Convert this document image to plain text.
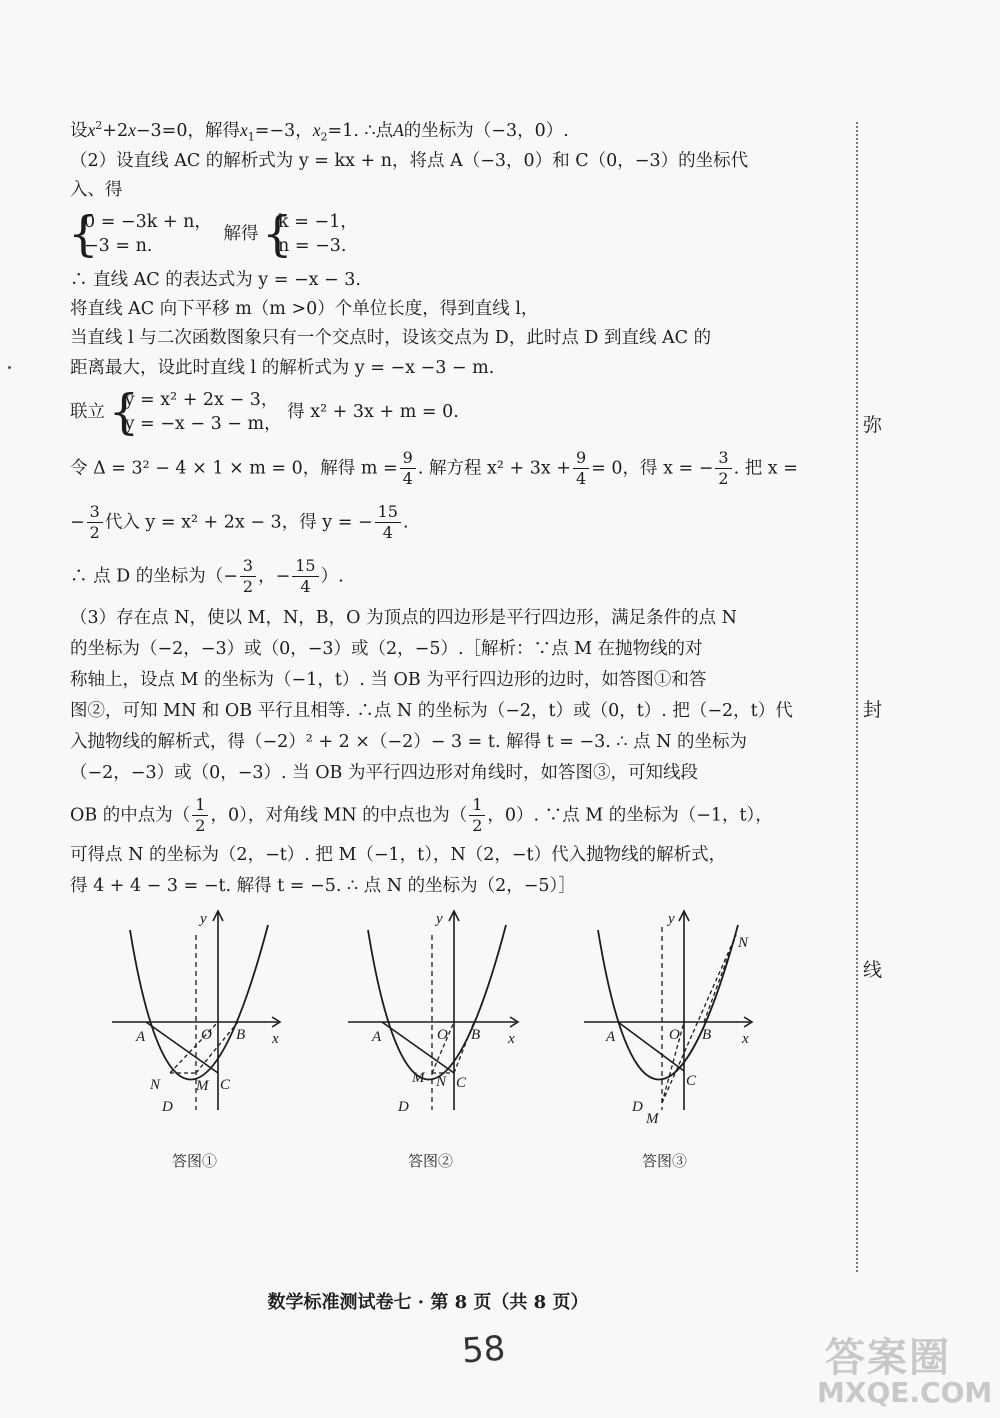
设$x^2+2x-3=0$，解得$x_1=-3$，$x_2=1$. ∴点A的坐标为（−3，0）.
（2）设直线 AC 的解析式为 y = kx + n，将点 A（−3，0）和 C（0，−3）的坐标代
入、得
{ 0 = −3k + n，
−3 = n.
解得
{ k = −1，
n = −3.
∴ 直线 AC 的表达式为 y = −x − 3.
将直线 AC 向下平移 m（m >0）个单位长度，得到直线 l，
当直线 l 与二次函数图象只有一个交点时，设该交点为 D，此时点 D 到直线 AC 的
距离最大，设此时直线 l 的解析式为 y = −x −3 − m.
联立
{ y = x² + 2x − 3，
y = −x − 3 − m，
得 x² + 3x + m = 0.
令 Δ = 3² − 4 × 1 × m = 0，解得 $m = \frac{9}{4}$ . 解方程 $x^2 + 3x + \frac{9}{4} = 0$，得 x = − $\frac{3}{2}$ . 把 x =
− $\frac{3}{2}$ 代入 y = x² + 2x − 3，得 y = − $\frac{15}{4}$ .
∴ 点 D 的坐标为（− $\frac{3}{2}$ ，− $\frac{15}{4}$ ）.
（3）存在点 N，使以 M，N，B，O 为顶点的四边形是平行四边形，满足条件的点 N
的坐标为（−2，−3）或（0，−3）或（2，−5）.［解析：∵点 M 在抛物线的对
称轴上，设点 M 的坐标为（−1，t）. 当 OB 为平行四边形的边时，如答图①和答
图②，可知 MN 和 OB 平行且相等. ∴点 N 的坐标为（−2，t）或（0，t）. 把（−2，t）代
入抛物线的解析式，得（−2）² + 2 ×（−2）− 3 = t. 解得 t = −3. ∴ 点 N 的坐标为
（−2，−3）或（0，−3）. 当 OB 为平行四边形对角线时，如答图③，可知线段
OB 的中点为（ $\frac{1}{2}$ ，0），对角线 MN 的中点也为（ $\frac{1}{2}$ ，0）. ∵点 M 的坐标为（−1，t），
可得点 N 的坐标为（2，−t）. 把 M（−1，t），N（2，−t）代入抛物线的解析式，
得 4 + 4 − 3 = −t. 解得 t = −5. ∴ 点 N 的坐标为（2，−5）］
y
x
A	O B
N M C
D
答图①
y
x
A	O B
N
M C
D
答图②
y
x
A	O B
N
M
C
D
答图③
弥
封
线
数学标准测试卷七 · 第 8 页（共 8 页）
58	答案圈
MXQE.COM
